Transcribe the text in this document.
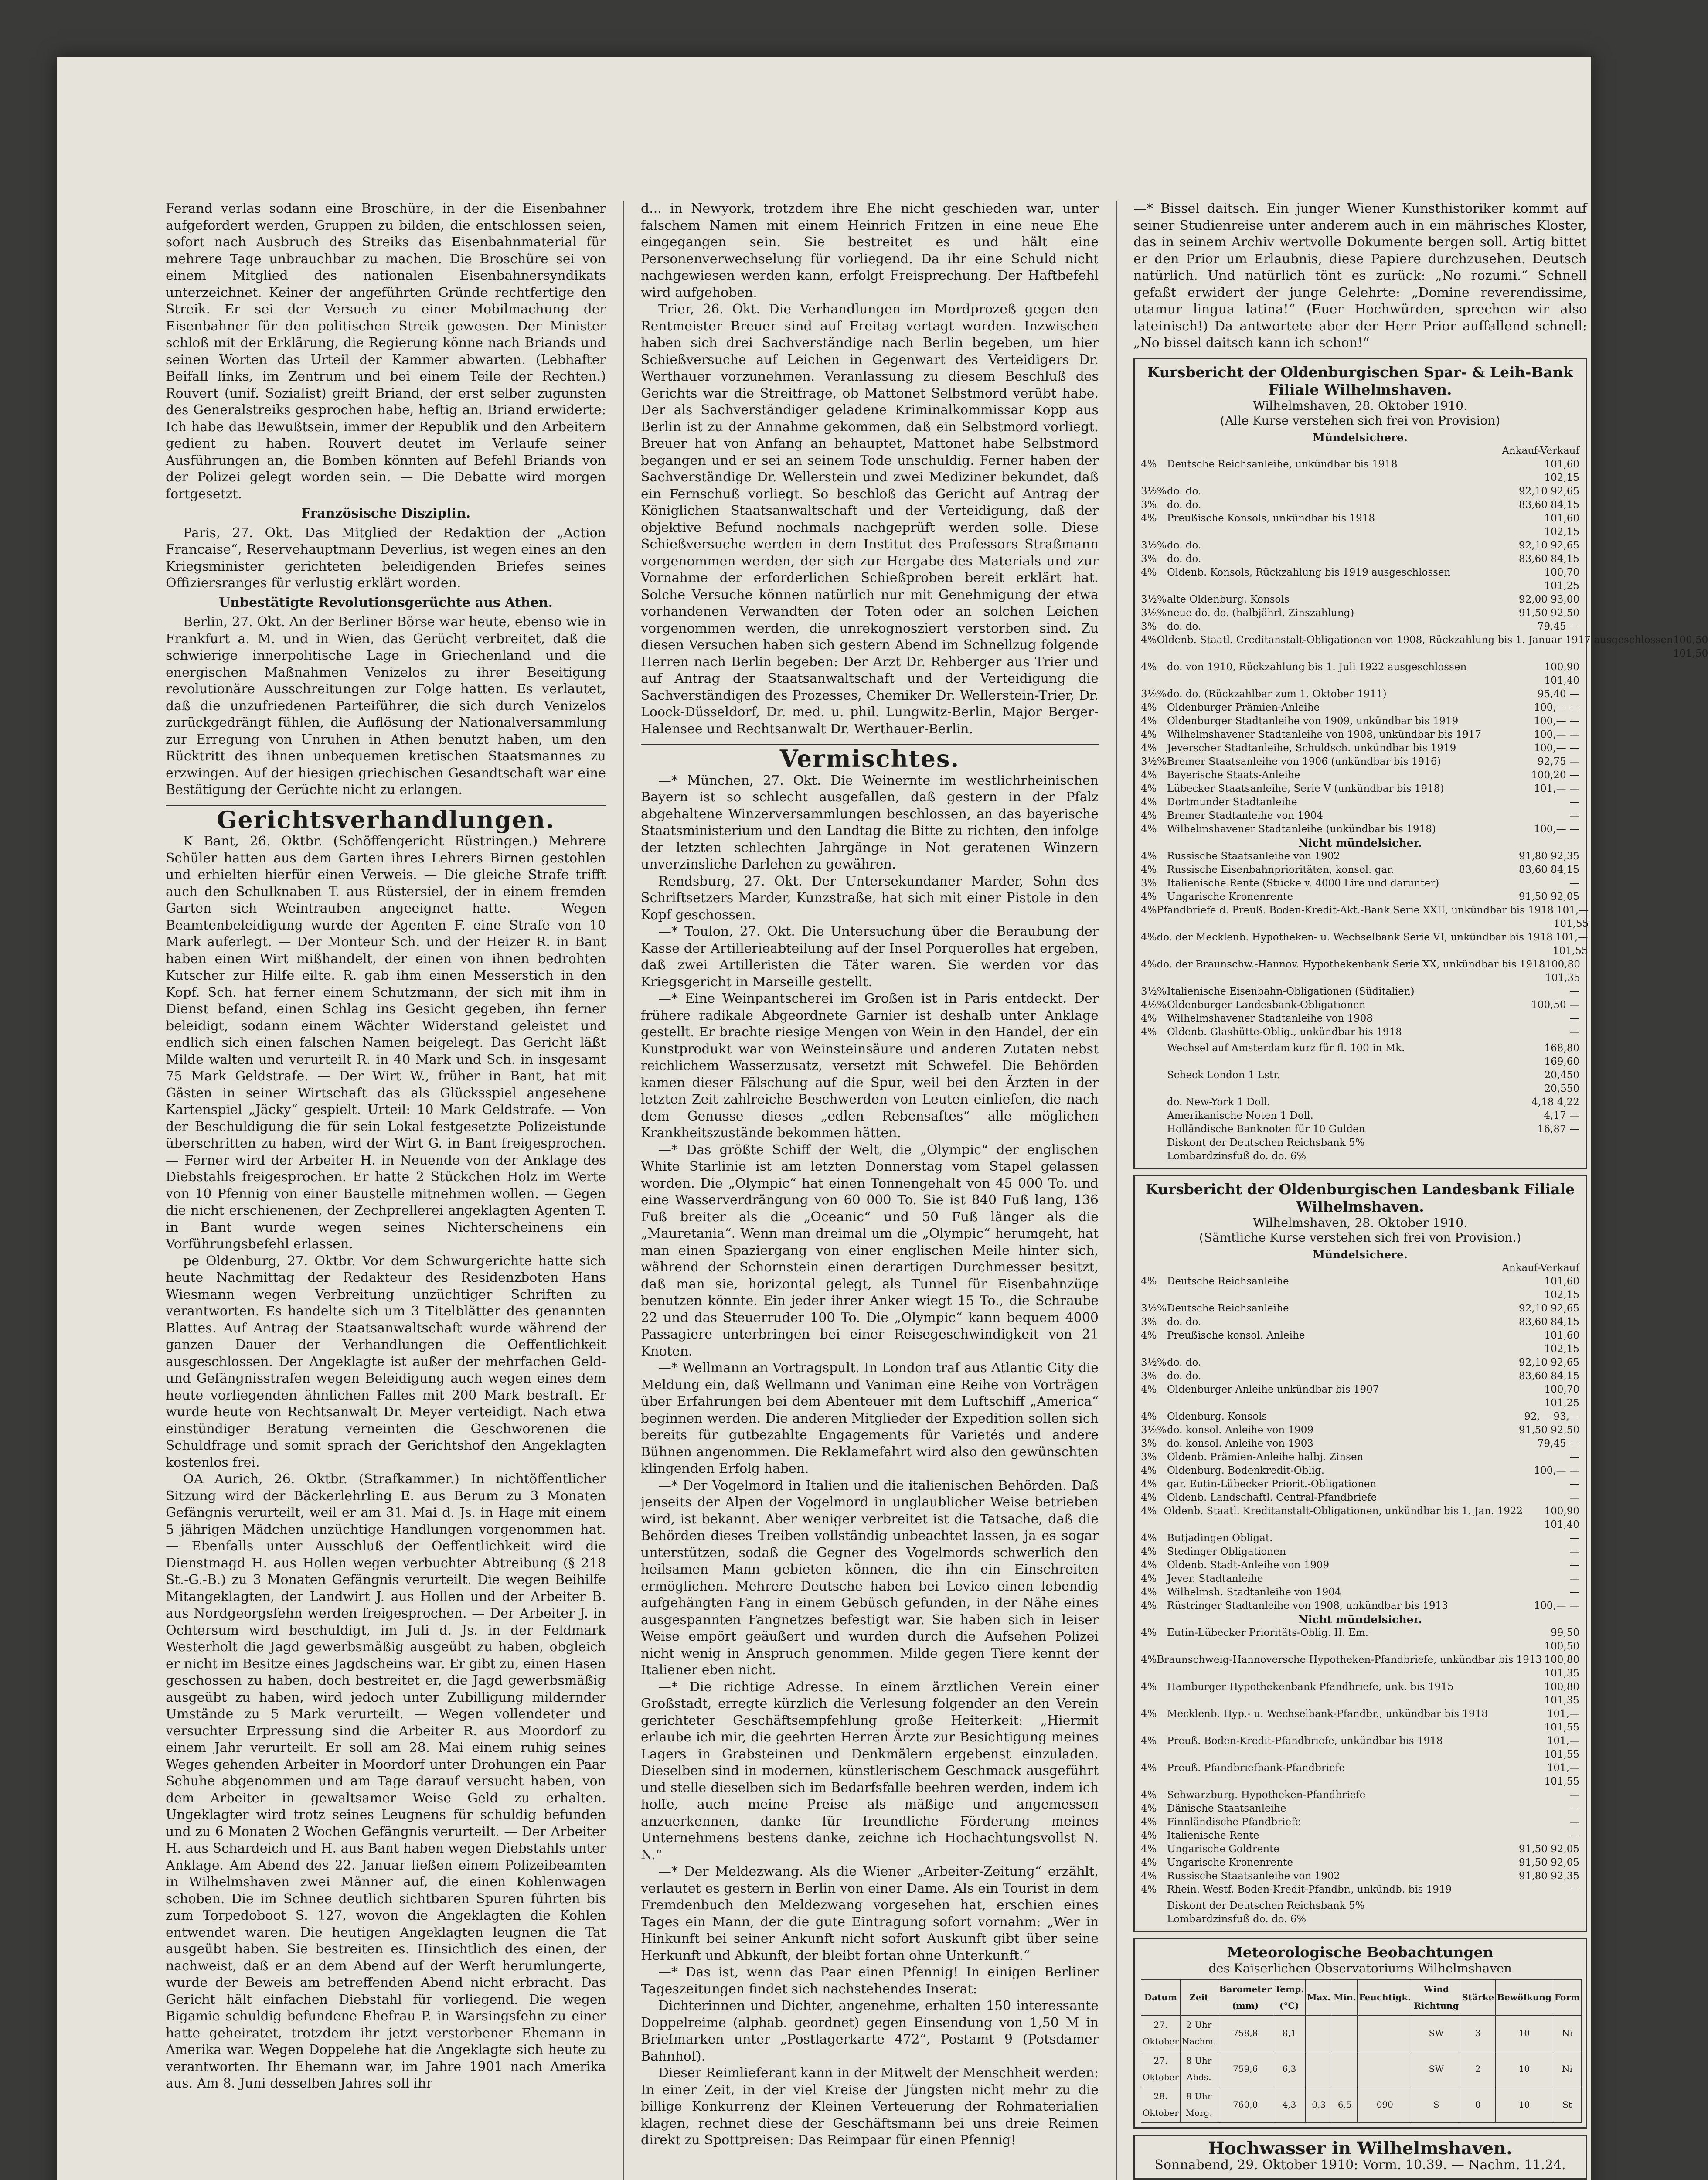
Ferand verlas sodann eine Broschüre, in der die Eisenbahner aufgefordert werden, Gruppen zu bilden, die entschlossen seien, sofort nach Ausbruch des Streiks das Eisenbahnmaterial für mehrere Tage unbrauchbar zu machen. Die Broschüre sei von einem Mitglied des nationalen Eisenbahnersyndikats unterzeichnet. Keiner der angeführten Gründe rechtfertige den Streik. Er sei der Versuch zu einer Mobilmachung der Eisenbahner für den politischen Streik gewesen. Der Minister schloß mit der Erklärung, die Regierung könne nach Briands und seinen Worten das Urteil der Kammer abwarten. (Lebhafter Beifall links, im Zentrum und bei einem Teile der Rechten.) Rouvert (unif. Sozialist) greift Briand, der erst selber zugunsten des Generalstreiks gesprochen habe, heftig an. Briand erwiderte: Ich habe das Bewußtsein, immer der Republik und den Arbeitern gedient zu haben. Rouvert deutet im Verlaufe seiner Ausführungen an, die Bomben könnten auf Befehl Briands von der Polizei gelegt worden sein. — Die Debatte wird morgen fortgesetzt.

Französische Disziplin.

Paris, 27. Okt. Das Mitglied der Redaktion der „Action Francaise“, Reservehauptmann Deverlius, ist wegen eines an den Kriegsminister gerichteten beleidigenden Briefes seines Offiziersranges für verlustig erklärt worden.

Unbestätigte Revolutionsgerüchte aus Athen.

Berlin, 27. Okt. An der Berliner Börse war heute, ebenso wie in Frankfurt a. M. und in Wien, das Gerücht verbreitet, daß die schwierige innerpolitische Lage in Griechenland und die energischen Maßnahmen Venizelos zu ihrer Beseitigung revolutionäre Ausschreitungen zur Folge hatten. Es verlautet, daß die unzufriedenen Parteiführer, die sich durch Venizelos zurückgedrängt fühlen, die Auflösung der Nationalversammlung zur Erregung von Unruhen in Athen benutzt haben, um den Rücktritt des ihnen unbequemen kretischen Staatsmannes zu erzwingen. Auf der hiesigen griechischen Gesandtschaft war eine Bestätigung der Gerüchte nicht zu erlangen.

Gerichtsverhandlungen.

K Bant, 26. Oktbr. (Schöffengericht Rüstringen.) Mehrere Schüler hatten aus dem Garten ihres Lehrers Birnen gestohlen und erhielten hierfür einen Verweis. — Die gleiche Strafe trifft auch den Schulknaben T. aus Rüstersiel, der in einem fremden Garten sich Weintrauben angeeignet hatte. — Wegen Beamtenbeleidigung wurde der Agenten F. eine Strafe von 10 Mark auferlegt. — Der Monteur Sch. und der Heizer R. in Bant haben einen Wirt mißhandelt, der einen von ihnen bedrohten Kutscher zur Hilfe eilte. R. gab ihm einen Messerstich in den Kopf. Sch. hat ferner einem Schutzmann, der sich mit ihm in Dienst befand, einen Schlag ins Gesicht gegeben, ihn ferner beleidigt, sodann einem Wächter Widerstand geleistet und endlich sich einen falschen Namen beigelegt. Das Gericht läßt Milde walten und verurteilt R. in 40 Mark und Sch. in insgesamt 75 Mark Geldstrafe. — Der Wirt W., früher in Bant, hat mit Gästen in seiner Wirtschaft das als Glücksspiel angesehene Kartenspiel „Jäcky“ gespielt. Urteil: 10 Mark Geldstrafe. — Von der Beschuldigung die für sein Lokal festgesetzte Polizeistunde überschritten zu haben, wird der Wirt G. in Bant freigesprochen. — Ferner wird der Arbeiter H. in Neuende von der Anklage des Diebstahls freigesprochen. Er hatte 2 Stückchen Holz im Werte von 10 Pfennig von einer Baustelle mitnehmen wollen. — Gegen die nicht erschienenen, der Zechprellerei angeklagten Agenten T. in Bant wurde wegen seines Nichterscheinens ein Vorführungsbefehl erlassen.

pe Oldenburg, 27. Oktbr. Vor dem Schwurgerichte hatte sich heute Nachmittag der Redakteur des Residenzboten Hans Wiesmann wegen Verbreitung unzüchtiger Schriften zu verantworten. Es handelte sich um 3 Titelblätter des genannten Blattes. Auf Antrag der Staatsanwaltschaft wurde während der ganzen Dauer der Verhandlungen die Oeffentlichkeit ausgeschlossen. Der Angeklagte ist außer der mehrfachen Geld- und Gefängnisstrafen wegen Beleidigung auch wegen eines dem heute vorliegenden ähnlichen Falles mit 200 Mark bestraft. Er wurde heute von Rechtsanwalt Dr. Meyer verteidigt. Nach etwa einstündiger Beratung verneinten die Geschworenen die Schuldfrage und somit sprach der Gerichtshof den Angeklagten kostenlos frei.

OA Aurich, 26. Oktbr. (Strafkammer.) In nichtöffentlicher Sitzung wird der Bäckerlehrling E. aus Berum zu 3 Monaten Gefängnis verurteilt, weil er am 31. Mai d. Js. in Hage mit einem 5 jährigen Mädchen unzüchtige Handlungen vorgenommen hat. — Ebenfalls unter Ausschluß der Oeffentlichkeit wird die Dienstmagd H. aus Hollen wegen verbuchter Abtreibung (§ 218 St.-G.-B.) zu 3 Monaten Gefängnis verurteilt. Die wegen Beihilfe Mitangeklagten, der Landwirt J. aus Hollen und der Arbeiter B. aus Nordgeorgsfehn werden freigesprochen. — Der Arbeiter J. in Ochtersum wird beschuldigt, im Juli d. Js. in der Feldmark Westerholt die Jagd gewerbsmäßig ausgeübt zu haben, obgleich er nicht im Besitze eines Jagdscheins war. Er gibt zu, einen Hasen geschossen zu haben, doch bestreitet er, die Jagd gewerbsmäßig ausgeübt zu haben, wird jedoch unter Zubilligung mildernder Umstände zu 5 Mark verurteilt. — Wegen vollendeter und versuchter Erpressung sind die Arbeiter R. aus Moordorf zu einem Jahr verurteilt. Er soll am 28. Mai einem ruhig seines Weges gehenden Arbeiter in Moordorf unter Drohungen ein Paar Schuhe abgenommen und am Tage darauf versucht haben, von dem Arbeiter in gewaltsamer Weise Geld zu erhalten. Ungeklagter wird trotz seines Leugnens für schuldig befunden und zu 6 Monaten 2 Wochen Gefängnis verurteilt. — Der Arbeiter H. aus Schardeich und H. aus Bant haben wegen Diebstahls unter Anklage. Am Abend des 22. Januar ließen einem Polizeibeamten in Wilhelmshaven zwei Männer auf, die einen Kohlenwagen schoben. Die im Schnee deutlich sichtbaren Spuren führten bis zum Torpedoboot S. 127, wovon die Angeklagten die Kohlen entwendet waren. Die heutigen Angeklagten leugnen die Tat ausgeübt haben. Sie bestreiten es. Hinsichtlich des einen, der nachweist, daß er an dem Abend auf der Werft herumlungerte, wurde der Beweis am betreffenden Abend nicht erbracht. Das Gericht hält einfachen Diebstahl für vorliegend. Die wegen Bigamie schuldig befundene Ehefrau P. in Warsingsfehn zu einer hatte geheiratet, trotzdem ihr jetzt verstorbener Ehemann in Amerika war. Wegen Doppelehe hat die Angeklagte sich heute zu verantworten. Ihr Ehemann war, im Jahre 1901 nach Amerika aus. Am 8. Juni desselben Jahres soll ihr

d... in Newyork, trotzdem ihre Ehe nicht geschieden war, unter falschem Namen mit einem Heinrich Fritzen in eine neue Ehe eingegangen sein. Sie bestreitet es und hält eine Personenverwechselung für vorliegend. Da ihr eine Schuld nicht nachgewiesen werden kann, erfolgt Freisprechung. Der Haftbefehl wird aufgehoben.

Trier, 26. Okt. Die Verhandlungen im Mordprozeß gegen den Rentmeister Breuer sind auf Freitag vertagt worden. Inzwischen haben sich drei Sachverständige nach Berlin begeben, um hier Schießversuche auf Leichen in Gegenwart des Verteidigers Dr. Werthauer vorzunehmen. Veranlassung zu diesem Beschluß des Gerichts war die Streitfrage, ob Mattonet Selbstmord verübt habe. Der als Sachverständiger geladene Kriminalkommissar Kopp aus Berlin ist zu der Annahme gekommen, daß ein Selbstmord vorliegt. Breuer hat von Anfang an behauptet, Mattonet habe Selbstmord begangen und er sei an seinem Tode unschuldig. Ferner haben der Sachverständige Dr. Wellerstein und zwei Mediziner bekundet, daß ein Fernschuß vorliegt. So beschloß das Gericht auf Antrag der Königlichen Staatsanwaltschaft und der Verteidigung, daß der objektive Befund nochmals nachgeprüft werden solle. Diese Schießversuche werden in dem Institut des Professors Straßmann vorgenommen werden, der sich zur Hergabe des Materials und zur Vornahme der erforderlichen Schießproben bereit erklärt hat. Solche Versuche können natürlich nur mit Genehmigung der etwa vorhandenen Verwandten der Toten oder an solchen Leichen vorgenommen werden, die unrekognosziert verstorben sind. Zu diesen Versuchen haben sich gestern Abend im Schnellzug folgende Herren nach Berlin begeben: Der Arzt Dr. Rehberger aus Trier und auf Antrag der Staatsanwaltschaft und der Verteidigung die Sachverständigen des Prozesses, Chemiker Dr. Wellerstein-Trier, Dr. Loock-Düsseldorf, Dr. med. u. phil. Lungwitz-Berlin, Major Berger-Halensee und Rechtsanwalt Dr. Werthauer-Berlin.

Vermischtes.

—* München, 27. Okt. Die Weinernte im westlichrheinischen Bayern ist so schlecht ausgefallen, daß gestern in der Pfalz abgehaltene Winzerversammlungen beschlossen, an das bayerische Staatsministerium und den Landtag die Bitte zu richten, den infolge der letzten schlechten Jahrgänge in Not geratenen Winzern unverzinsliche Darlehen zu gewähren.

Rendsburg, 27. Okt. Der Untersekundaner Marder, Sohn des Schriftsetzers Marder, Kunzstraße, hat sich mit einer Pistole in den Kopf geschossen.

—* Toulon, 27. Okt. Die Untersuchung über die Beraubung der Kasse der Artillerieabteilung auf der Insel Porquerolles hat ergeben, daß zwei Artilleristen die Täter waren. Sie werden vor das Kriegsgericht in Marseille gestellt.

—* Eine Weinpantscherei im Großen ist in Paris entdeckt. Der frühere radikale Abgeordnete Garnier ist deshalb unter Anklage gestellt. Er brachte riesige Mengen von Wein in den Handel, der ein Kunstprodukt war von Weinsteinsäure und anderen Zutaten nebst reichlichem Wasserzusatz, versetzt mit Schwefel. Die Behörden kamen dieser Fälschung auf die Spur, weil bei den Ärzten in der letzten Zeit zahlreiche Beschwerden von Leuten einliefen, die nach dem Genusse dieses „edlen Rebensaftes“ alle möglichen Krankheitszustände bekommen hätten.

—* Das größte Schiff der Welt, die „Olympic“ der englischen White Starlinie ist am letzten Donnerstag vom Stapel gelassen worden. Die „Olympic“ hat einen Tonnengehalt von 45 000 To. und eine Wasserverdrängung von 60 000 To. Sie ist 840 Fuß lang, 136 Fuß breiter als die „Oceanic“ und 50 Fuß länger als die „Mauretania“. Wenn man dreimal um die „Olympic“ herumgeht, hat man einen Spaziergang von einer englischen Meile hinter sich, während der Schornstein einen derartigen Durchmesser besitzt, daß man sie, horizontal gelegt, als Tunnel für Eisenbahnzüge benutzen könnte. Ein jeder ihrer Anker wiegt 15 To., die Schraube 22 und das Steuerruder 100 To. Die „Olympic“ kann bequem 4000 Passagiere unterbringen bei einer Reisegeschwindigkeit von 21 Knoten.

—* Wellmann an Vortragspult. In London traf aus Atlantic City die Meldung ein, daß Wellmann und Vaniman eine Reihe von Vorträgen über Erfahrungen bei dem Abenteuer mit dem Luftschiff „America“ beginnen werden. Die anderen Mitglieder der Expedition sollen sich bereits für gutbezahlte Engagements für Varietés und andere Bühnen angenommen. Die Reklamefahrt wird also den gewünschten klingenden Erfolg haben.

—* Der Vogelmord in Italien und die italienischen Behörden. Daß jenseits der Alpen der Vogelmord in unglaublicher Weise betrieben wird, ist bekannt. Aber weniger verbreitet ist die Tatsache, daß die Behörden dieses Treiben vollständig unbeachtet lassen, ja es sogar unterstützen, sodaß die Gegner des Vogelmords schwerlich den heilsamen Mann gebieten können, die ihn ein Einschreiten ermöglichen. Mehrere Deutsche haben bei Levico einen lebendig aufgehängten Fang in einem Gebüsch gefunden, in der Nähe eines ausgespannten Fangnetzes befestigt war. Sie haben sich in leiser Weise empört geäußert und wurden durch die Aufsehen Polizei nicht wenig in Anspruch genommen. Milde gegen Tiere kennt der Italiener eben nicht.

—* Die richtige Adresse. In einem ärztlichen Verein einer Großstadt, erregte kürzlich die Verlesung folgender an den Verein gerichteter Geschäftsempfehlung große Heiterkeit: „Hiermit erlaube ich mir, die geehrten Herren Ärzte zur Besichtigung meines Lagers in Grabsteinen und Denkmälern ergebenst einzuladen. Dieselben sind in modernen, künstlerischem Geschmack ausgeführt und stelle dieselben sich im Bedarfsfalle beehren werden, indem ich hoffe, auch meine Preise als mäßige und angemessen anzuerkennen, danke für freundliche Förderung meines Unternehmens bestens danke, zeichne ich Hochachtungsvollst N. N.“

—* Der Meldezwang. Als die Wiener „Arbeiter-Zeitung“ erzählt, verlautet es gestern in Berlin von einer Dame. Als ein Tourist in dem Fremdenbuch den Meldezwang vorgesehen hat, erschien eines Tages ein Mann, der die gute Eintragung sofort vornahm: „Wer in Hinkunft bei seiner Ankunft nicht sofort Auskunft gibt über seine Herkunft und Abkunft, der bleibt fortan ohne Unterkunft.“

—* Das ist, wenn das Paar einen Pfennig! In einigen Berliner Tageszeitungen findet sich nachstehendes Inserat:

Dichterinnen und Dichter, angenehme, erhalten 150 interessante Doppelreime (alphab. geordnet) gegen Einsendung von 1,50 M in Briefmarken unter „Postlagerkarte 472“, Postamt 9 (Potsdamer Bahnhof).

Dieser Reimlieferant kann in der Mitwelt der Menschheit werden: In einer Zeit, in der viel Kreise der Jüngsten nicht mehr zu die billige Konkurrenz der Kleinen Verteuerung der Rohmaterialien klagen, rechnet diese der Geschäftsmann bei uns dreie Reimen direkt zu Spottpreisen: Das Reimpaar für einen Pfennig!

—* Bissel daitsch. Ein junger Wiener Kunsthistoriker kommt auf seiner Studienreise unter anderem auch in ein mährisches Kloster, das in seinem Archiv wertvolle Dokumente bergen soll. Artig bittet er den Prior um Erlaubnis, diese Papiere durchzusehen. Deutsch natürlich. Und natürlich tönt es zurück: „No rozumi.“ Schnell gefaßt erwidert der junge Gelehrte: „Domine reverendissime, utamur lingua latina!“ (Euer Hochwürden, sprechen wir also lateinisch!) Da antwortete aber der Herr Prior auffallend schnell: „No bissel daitsch kann ich schon!“

Kursbericht der Oldenburgischen Spar- & Leih-Bank Filiale Wilhelmshaven.
Wilhelmshaven, 28. Oktober 1910.
(Alle Kurse verstehen sich frei von Provision)
Mündelsichere.
Ankauf-Verkauf
4%	Deutsche Reichsanleihe, unkündbar bis 1918	101,60 102,15
3½% do. do.	92,10 92,65
3%	do. do.	83,60 84,15
4%	Preußische Konsols, unkündbar bis 1918	101,60 102,15
3½% do. do.	92,10 92,65
3%	do. do.	83,60 84,15
4%	Oldenb. Konsols, Rückzahlung bis 1919 ausgeschlossen	100,70 101,25
3½% alte Oldenburg. Konsols	92,00 93,00
3½% neue do. do. (halbjährl. Zinszahlung)	91,50 92,50
3%	do. do.	79,45 —
4% Oldenb. Staatl. Creditanstalt-Obligationen von 1908, Rückzahlung bis 1. Januar 1917 ausgeschlossen 100,50 101,50
4%	do. von 1910, Rückzahlung bis 1. Juli 1922 ausgeschlossen	100,90 101,40
3½% do. do. (Rückzahlbar zum 1. Oktober 1911)	95,40 —
4%	Oldenburger Prämien-Anleihe	100,— —
4%	Oldenburger Stadtanleihe von 1909, unkündbar bis 1919	100,— —
4%	Wilhelmshavener Stadtanleihe von 1908, unkündbar bis 1917	100,— —
4%	Jeverscher Stadtanleihe, Schuldsch. unkündbar bis 1919	100,— —
3½% Bremer Staatsanleihe von 1906 (unkündbar bis 1916)	92,75 —
4%	Bayerische Staats-Anleihe	100,20 —
4%	Lübecker Staatsanleihe, Serie V (unkündbar bis 1918)	101,— —
4%	Dortmunder Stadtanleihe	—
4%	Bremer Stadtanleihe von 1904	—
4%	Wilhelmshavener Stadtanleihe (unkündbar bis 1918)	100,— —
Nicht mündelsicher.
4%	Russische Staatsanleihe von 1902	91,80 92,35
4%	Russische Eisenbahnprioritäten, konsol. gar.	83,60 84,15
3%	Italienische Rente (Stücke v. 4000 Lire und darunter)	—
4%	Ungarische Kronenrente	91,50 92,05
4% Pfandbriefe d. Preuß. Boden-Kredit-Akt.-Bank Serie XXII, unkündbar bis 1918 101,— 101,55
4% do. der Mecklenb. Hypotheken- u. Wechselbank Serie VI, unkündbar bis 1918 101,— 101,55
4% do. der Braunschw.-Hannov. Hypothekenbank Serie XX, unkündbar bis 1918 100,80 101,35
3½% Italienische Eisenbahn-Obligationen (Süditalien)	—
4½% Oldenburger Landesbank-Obligationen	100,50 —
4%	Wilhelmshavener Stadtanleihe von 1908	—
4%	Oldenb. Glashütte-Oblig., unkündbar bis 1918	—
Wechsel auf Amsterdam kurz für fl. 100 in Mk.	168,80 169,60
Scheck London 1 Lstr.	20,450 20,550
do. New-York 1 Doll.	4,18 4,22
Amerikanische Noten 1 Doll.	4,17 —
Holländische Banknoten für 10 Gulden	16,87 —
Diskont der Deutschen Reichsbank 5%
Lombardzinsfuß do. do. 6%
Kursbericht der Oldenburgischen Landesbank Filiale Wilhelmshaven.
Wilhelmshaven, 28. Oktober 1910.
(Sämtliche Kurse verstehen sich frei von Provision.)
Mündelsichere.
Ankauf-Verkauf
4%	Deutsche Reichsanleihe	101,60 102,15
3½% Deutsche Reichsanleihe	92,10 92,65
3%	do. do.	83,60 84,15
4%	Preußische konsol. Anleihe	101,60 102,15
3½% do. do.	92,10 92,65
3%	do. do.	83,60 84,15
4%	Oldenburger Anleihe unkündbar bis 1907	100,70 101,25
4%	Oldenburg. Konsols	92,— 93,—
3½% do. konsol. Anleihe von 1909	91,50 92,50
3%	do. konsol. Anleihe von 1903	79,45 —
3%	Oldenb. Prämien-Anleihe halbj. Zinsen	—
4%	Oldenburg. Bodenkredit-Oblig.	100,— —
4%	gar. Eutin-Lübecker Priorit.-Obligationen	—
4%	Oldenb. Landschaftl. Central-Pfandbriefe	—
4% Oldenb. Staatl. Kreditanstalt-Obligationen, unkündbar bis 1. Jan. 1922	100,90 101,40
4%	Butjadingen Obligat.	—
4%	Stedinger Obligationen	—
4%	Oldenb. Stadt-Anleihe von 1909	—
4%	Jever. Stadtanleihe	—
4%	Wilhelmsh. Stadtanleihe von 1904	—
4%	Rüstringer Stadtanleihe von 1908, unkündbar bis 1913	100,— —
Nicht mündelsicher.
4%	Eutin-Lübecker Prioritäts-Oblig. II. Em.	99,50 100,50
4% Braunschweig-Hannoversche Hypotheken-Pfandbriefe, unkündbar bis 1913 100,80 101,35
4%	Hamburger Hypothekenbank Pfandbriefe, unk. bis 1915	100,80 101,35
4%	Mecklenb. Hyp.- u. Wechselbank-Pfandbr., unkündbar bis 1918	101,— 101,55
4%	Preuß. Boden-Kredit-Pfandbriefe, unkündbar bis 1918	101,— 101,55
4%	Preuß. Pfandbriefbank-Pfandbriefe	101,— 101,55
4%	Schwarzburg. Hypotheken-Pfandbriefe	—
4%	Dänische Staatsanleihe	—
4%	Finnländische Pfandbriefe	—
4%	Italienische Rente	—
4%	Ungarische Goldrente	91,50 92,05
4%	Ungarische Kronenrente	91,50 92,05
4%	Russische Staatsanleihe von 1902	91,80 92,35
4%	Rhein. Westf. Boden-Kredit-Pfandbr., unkündb. bis 1919	—
Diskont der Deutschen Reichsbank 5%
Lombardzinsfuß do. do. 6%
Meteorologische Beobachtungen
des Kaiserlichen Observatoriums Wilhelmshaven
Datum	Zeit	Barometer (mm)	Temp. (°C)	Max.	Min.	Feuchtigk.	Wind Richtung	Stärke	Bewölkung	Form
27. Oktober	2 Uhr Nachm.	758,8	8,1				SW	3	10	Ni
27. Oktober	8 Uhr Abds.	759,6	6,3				SW	2	10	Ni
28. Oktober	8 Uhr Morg.	760,0	4,3	0,3	6,5	090	S	0	10	St
Hochwasser in Wilhelmshaven.
Sonnabend, 29. Oktober 1910: Vorm. 10.39. — Nachm. 11.24.
